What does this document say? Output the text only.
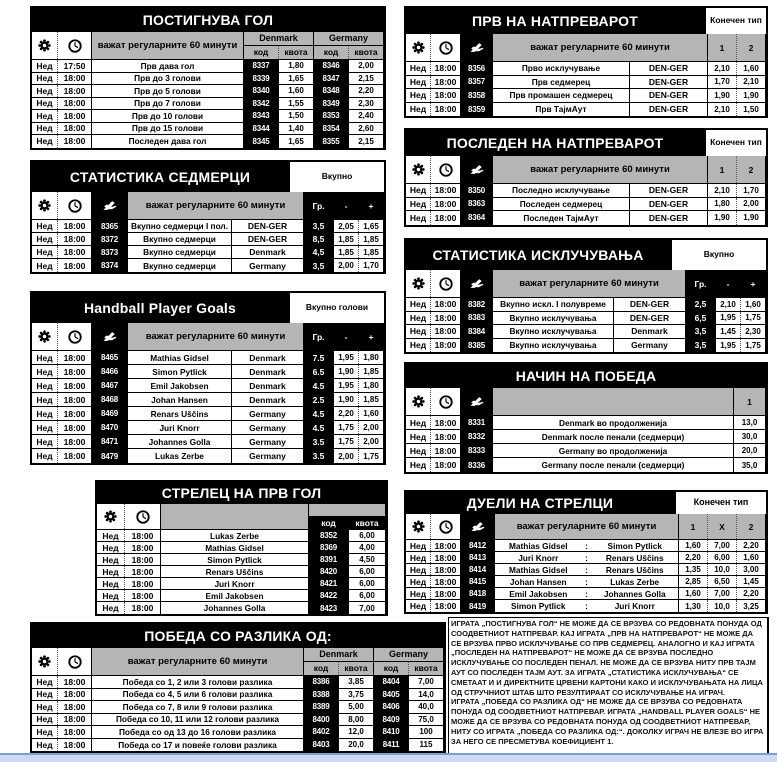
ПОСТИГНУВА ГОЛ
важат регуларните 60 минути
Denmark
код	квота
Germany
код	квота
Нед	17:50	Прв дава гол	8337	1,80	8346	2,00
Нед	18:00	Прв до 3 голови	8339	1,65	8347	2,15
Нед	18:00	Прв до 5 голови	8340	1,60	8348	2,20
Нед	18:00	Прв до 7 голови	8342	1,55	8349	2,30
Нед	18:00	Прв до 10 голови	8343	1,50	8353	2,40
Нед	18:00	Прв до 15 голови	8344	1,40	8354	2,60
Нед	18:00	Последен дава гол	8345	1,65	8355	2,15
СТАТИСТИКА СЕДМЕРЦИ	Вкупно
важат регуларните 60 минути	Гр.	-	+
Нед	18:00	8365	Вкупно седмерци I пол.	DEN-GER	3,5	2,05	1,65
Нед	18:00	8372	Вкупно седмерци	DEN-GER	8,5	1,85	1,85
Нед	18:00	8373	Вкупно седмерци	Denmark	4,5	1,85	1,85
Нед	18:00	8374	Вкупно седмерци	Germany	3,5	2,00	1,70
Handball Player Goals	Вкупно голови
важат регуларните 60 минути	Гр.	-	+
Нед	18:00	8465	Mathias Gidsel	Denmark	7.5	1,95	1,80
Нед	18:00	8466	Simon Pytlick	Denmark	6.5	1,90	1,85
Нед	18:00	8467	Emil Jakobsen	Denmark	4.5	1,95	1,80
Нед	18:00	8468	Johan Hansen	Denmark	2.5	1,90	1,85
Нед	18:00	8469	Renars Uščins	Germany	4.5	2,20	1,60
Нед	18:00	8470	Juri Knorr	Germany	4.5	1,75	2,00
Нед	18:00	8471	Johannes Golla	Germany	3.5	1,75	2,00
Нед	18:00	8479	Lukas Zerbe	Germany	3.5	2,00	1,75
СТРЕЛЕЦ НА ПРВ ГОЛ
код	квота
Нед	18:00	Lukas Zerbe	8352	6,00
Нед	18:00	Mathias Gidsel	8369	4,00
Нед	18:00	Simon Pytlick	8391	4,50
Нед	18:00	Renars Uščins	8420	6,00
Нед	18:00	Juri Knorr	8421	6,00
Нед	18:00	Emil Jakobsen	8422	6,00
Нед	18:00	Johannes Golla	8423	7,00
ПОБЕДА СО РАЗЛИКА ОД:
важат регуларните 60 минути
Denmark
код	квота
Germany
код	квота
Нед	18:00	Победа со 1, 2 или 3 голови разлика	8386	3,85	8404	7,00
Нед	18:00	Победа со 4, 5 или 6 голови разлика	8388	3,75	8405	14,0
Нед	18:00	Победа со 7, 8 или 9 голови разлика	8389	5,00	8406	40,0
Нед	18:00	Победа со 10, 11 или 12 голови разлика	8400	8,00	8409	75,0
Нед	18:00	Победа со од 13 до 16 голови разлика	8402	12,0	8410	100
Нед	18:00	Победа со 17 и повеќе голови разлика	8403	20,0	8411	115
ПРВ НА НАТПРЕВАРОТ	Конечен тип
важат регуларните 60 минути	1	2
Нед	18:00	8356	Прво исклучување	DEN-GER	2,10	1,60
Нед	18:00	8357	Прв седмерец	DEN-GER	1,70	2,10
Нед	18:00	8358	Прв промашен седмерец	DEN-GER	1,90	1,90
Нед	18:00	8359	Прв ТајмАут	DEN-GER	2,10	1,50
ПОСЛЕДЕН НА НАТПРЕВАРОТ	Конечен тип
важат регуларните 60 минути	1	2
Нед	18:00	8350	Последно исклучување	DEN-GER	2,10	1,70
Нед	18:00	8363	Последен седмерец	DEN-GER	1,80	2,00
Нед	18:00	8364	Последен ТајмАут	DEN-GER	1,90	1,90
СТАТИСТИКА ИСКЛУЧУВАЊА	Вкупно
важат регуларните 60 минути	Гр.	-	+
Нед	18:00	8382	Вкупно искл. I полувреме	DEN-GER	2,5	2,10	1,60
Нед	18:00	8383	Вкупно исклучувања	DEN-GER	6,5	1,95	1,75
Нед	18:00	8384	Вкупно исклучувања	Denmark	3,5	1,45	2,30
Нед	18:00	8385	Вкупно исклучувања	Germany	3,5	1,95	1,75
НАЧИН НА ПОБЕДА
1
Нед	18:00	8331	Denmark во продолженија	13,0
Нед	18:00	8332	Denmark после пенали (седмерци)	30,0
Нед	18:00	8333	Germany во продолженија	20,0
Нед	18:00	8336	Germany после пенали (седмерци)	35,0
ДУЕЛИ НА СТРЕЛЦИ	Конечен тип
важат регуларните 60 минути	1	X	2
Нед	18:00	8412	Mathias Gidsel	:	Simon Pytlick	1,60	7,00	2,20
Нед	18:00	8413	Juri Knorr	:	Renars Uščins	2,20	6,00	1,60
Нед	18:00	8414	Mathias Gidsel	:	Renars Uščins	1,35	10,0	3,00
Нед	18:00	8415	Johan Hansen	:	Lukas Zerbe	2,85	6,50	1,45
Нед	18:00	8418	Emil Jakobsen	:	Johannes Golla	1,60	7,00	2,20
Нед	18:00	8419	Simon Pytlick	:	Juri Knorr	1,30	10,0	3,25

ИГРАТА „ПОСТИГНУВА ГОЛ“ НЕ МОЖЕ ДА СЕ ВРЗУВА СО РЕДОВНАТА ПОНУДА ОД СООДВЕТНИОТ НАТПРЕВАР. КАЈ ИГРАТА „ПРВ НА НАТПРЕВАРОТ“ НЕ МОЖЕ ДА СЕ ВРЗУВА ПРВО ИСКЛУЧУВАЊЕ СО ПРВ СЕДМЕРЕЦ. АНАЛОГНО И КАЈ ИГРАТА „ПОСЛЕДЕН НА НАТПРЕВАРОТ“ НЕ МОЖЕ ДА СЕ ВРЗУВА ПОСЛЕДНО ИСКЛУЧУВАЊЕ СО ПОСЛЕДЕН ПЕНАЛ. НЕ МОЖЕ ДА СЕ ВРЗУВА НИТУ ПРВ ТАЈМ АУТ СО ПОСЛЕДЕН ТАЈМ АУТ. ЗА ИГРАТА „СТАТИСТИКА ИСКЛУЧУВАЊА“ СЕ СМЕТААТ И И ДИРЕКТНИТЕ ЦРВЕНИ КАРТОНИ КАКО И ИСКЛУЧУВАЊАТА НА ЛИЦА ОД СТРУЧНИОТ ШТАБ ШТО РЕЗУЛТИРААТ СО ИСКЛУЧУВАЊЕ НА ИГРАЧ.

ИГРАТА „ПОБЕДА СО РАЗЛИКА ОД“ НЕ МОЖЕ ДА СЕ ВРЗУВА СО РЕДОВНАТА ПОНУДА ОД СООДВЕТНИОТ НАТПРЕВАР. ИГРАТА „HANDBALL PLAYER GOALS“ НЕ МОЖЕ ДА СЕ ВРЗУВА СО РЕДОВНАТА ПОНУДА ОД СООДВЕТНИОТ НАТПРЕВАР, НИТУ СО ИГРАТА „ПОБЕДА СО РАЗЛИКА ОД:“. ДОКОЛКУ ИГРАЧ НЕ ВЛЕЗЕ ВО ИГРА ЗА НЕГО СЕ ПРЕСМЕТУВА КОЕФИЦИЕНТ 1.
